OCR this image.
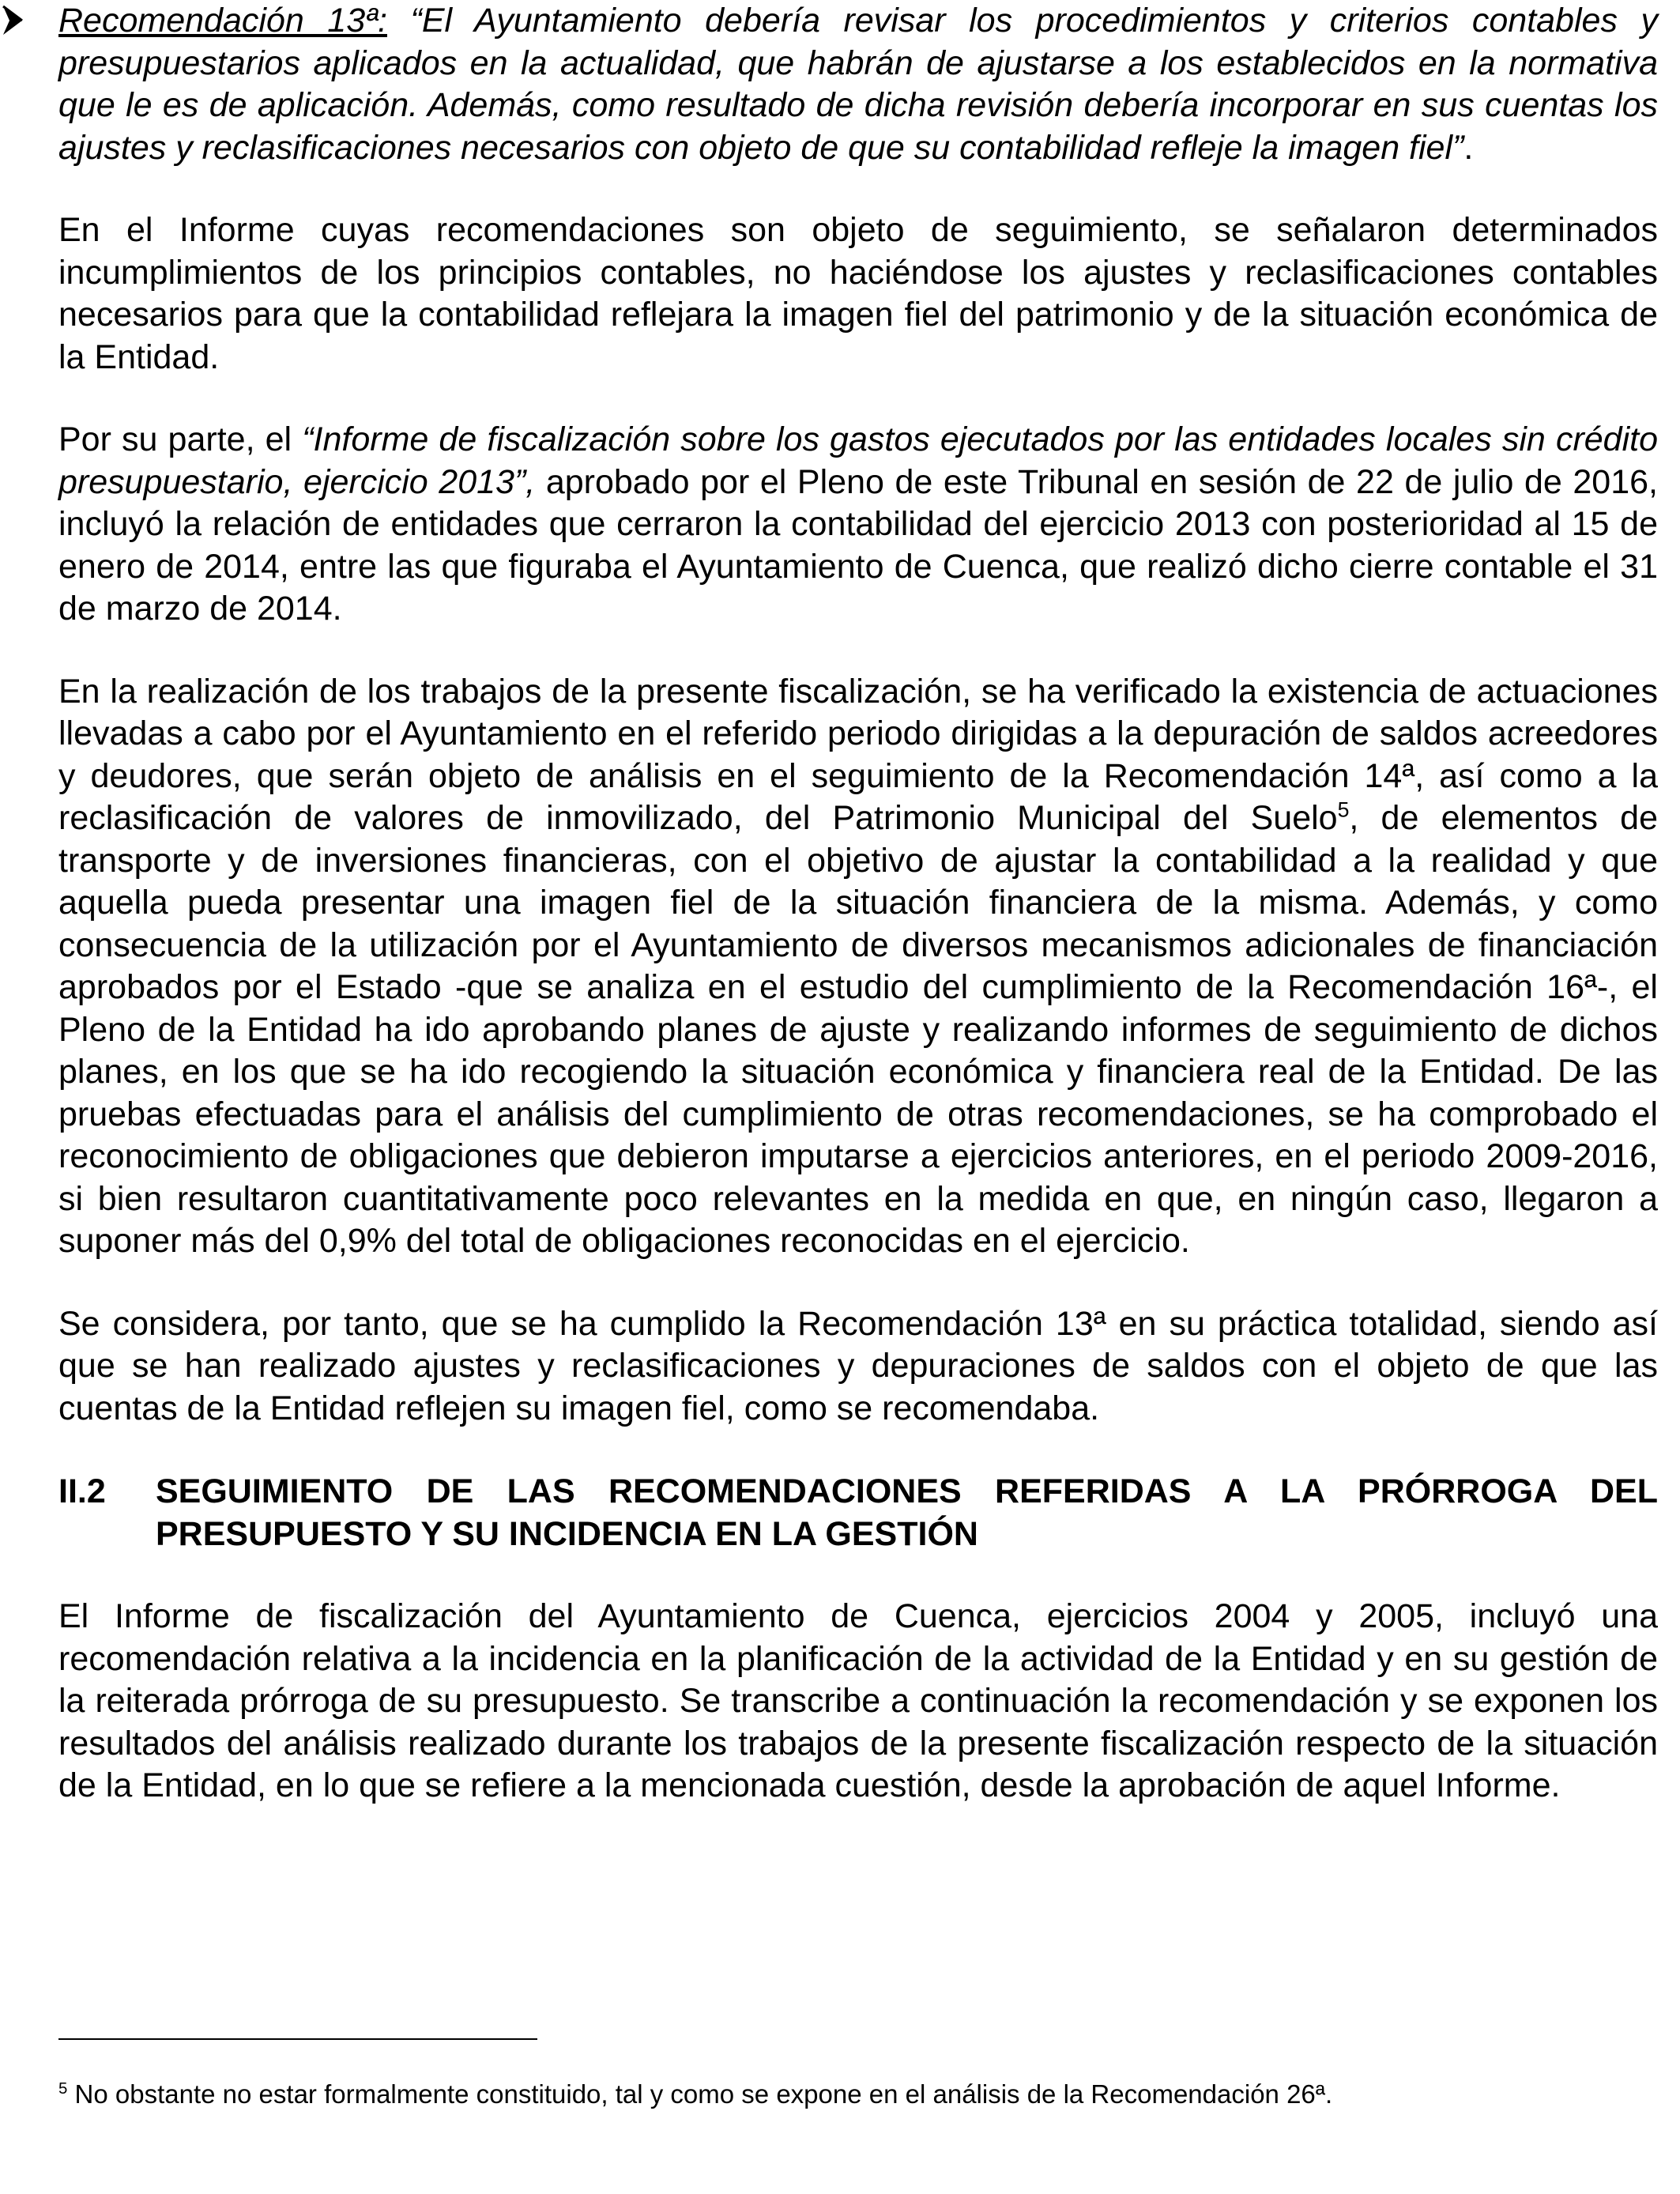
Recomendación 13ª: “El Ayuntamiento debería revisar los procedimientos y criterios contables y presupuestarios aplicados en la actualidad, que habrán de ajustarse a los establecidos en la normativa que le es de aplicación. Además, como resultado de dicha revisión debería incorporar en sus cuentas los ajustes y reclasificaciones necesarios con objeto de que su contabilidad refleje la imagen fiel”.

En el Informe cuyas recomendaciones son objeto de seguimiento, se señalaron determinados incumplimientos de los principios contables, no haciéndose los ajustes y reclasificaciones contables necesarios para que la contabilidad reflejara la imagen fiel del patrimonio y de la situación económica de la Entidad.

Por su parte, el “Informe de fiscalización sobre los gastos ejecutados por las entidades locales sin crédito presupuestario, ejercicio 2013”, aprobado por el Pleno de este Tribunal en sesión de 22 de julio de 2016, incluyó la relación de entidades que cerraron la contabilidad del ejercicio 2013 con posterioridad al 15 de enero de 2014, entre las que figuraba el Ayuntamiento de Cuenca, que realizó dicho cierre contable el 31 de marzo de 2014.

En la realización de los trabajos de la presente fiscalización, se ha verificado la existencia de actuaciones llevadas a cabo por el Ayuntamiento en el referido periodo dirigidas a la depuración de saldos acreedores y deudores, que serán objeto de análisis en el seguimiento de la Recomendación 14ª, así como a la reclasificación de valores de inmovilizado, del Patrimonio Municipal del Suelo$^5$, de elementos de transporte y de inversiones financieras, con el objetivo de ajustar la contabilidad a la realidad y que aquella pueda presentar una imagen fiel de la situación financiera de la misma. Además, y como consecuencia de la utilización por el Ayuntamiento de diversos mecanismos adicionales de financiación aprobados por el Estado -que se analiza en el estudio del cumplimiento de la Recomendación 16ª-, el Pleno de la Entidad ha ido aprobando planes de ajuste y realizando informes de seguimiento de dichos planes, en los que se ha ido recogiendo la situación económica y financiera real de la Entidad. De las pruebas efectuadas para el análisis del cumplimiento de otras recomendaciones, se ha comprobado el reconocimiento de obligaciones que debieron imputarse a ejercicios anteriores, en el periodo 2009-2016, si bien resultaron cuantitativamente poco relevantes en la medida en que, en ningún caso, llegaron a suponer más del 0,9% del total de obligaciones reconocidas en el ejercicio.

Se considera, por tanto, que se ha cumplido la Recomendación 13ª en su práctica totalidad, siendo así que se han realizado ajustes y reclasificaciones y depuraciones de saldos con el objeto de que las cuentas de la Entidad reflejen su imagen fiel, como se recomendaba.

II.2 SEGUIMIENTO DE LAS RECOMENDACIONES REFERIDAS A LA PRÓRROGA DEL PRESUPUESTO Y SU INCIDENCIA EN LA GESTIÓN

El Informe de fiscalización del Ayuntamiento de Cuenca, ejercicios 2004 y 2005, incluyó una recomendación relativa a la incidencia en la planificación de la actividad de la Entidad y en su gestión de la reiterada prórroga de su presupuesto. Se transcribe a continuación la recomendación y se exponen los resultados del análisis realizado durante los trabajos de la presente fiscalización respecto de la situación de la Entidad, en lo que se refiere a la mencionada cuestión, desde la aprobación de aquel Informe.

$^5$ No obstante no estar formalmente constituido, tal y como se expone en el análisis de la Recomendación 26ª.
